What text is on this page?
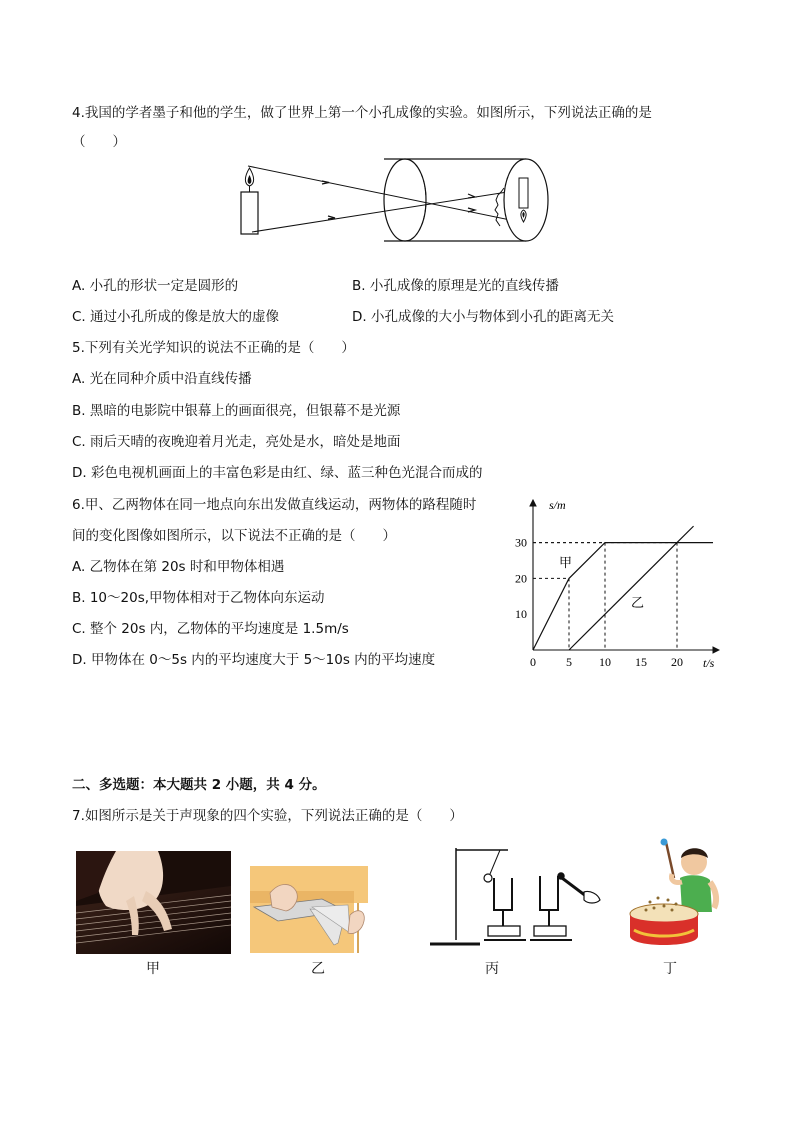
4.我国的学者墨子和他的学生，做了世界上第一个小孔成像的实验。如图所示，下列说法正确的是
（　　）
A. 小孔的形状一定是圆形的	B. 小孔成像的原理是光的直线传播
C. 通过小孔所成的像是放大的虚像	D. 小孔成像的大小与物体到小孔的距离无关
5.下列有关光学知识的说法不正确的是（　　）
A. 光在同种介质中沿直线传播
B. 黑暗的电影院中银幕上的画面很亮，但银幕不是光源
C. 雨后天晴的夜晚迎着月光走，亮处是水，暗处是地面
D. 彩色电视机画面上的丰富色彩是由红、绿、蓝三种色光混合而成的
6.甲、乙两物体在同一地点向东出发做直线运动，两物体的路程随时
间的变化图像如图所示，以下说法不正确的是（　　）
A. 乙物体在第 20s 时和甲物体相遇
B. 10～20s,甲物体相对于乙物体向东运动
C. 整个 20s 内，乙物体的平均速度是 1.5m/s
D. 甲物体在 0～5s 内的平均速度大于 5～10s 内的平均速度
s/m
t/s
0	5 10 15 20
10
20
30
甲
乙
二、多选题：本大题共 2 小题，共 4 分。
7.如图所示是关于声现象的四个实验，下列说法正确的是（　　）
甲	乙	丙	丁
